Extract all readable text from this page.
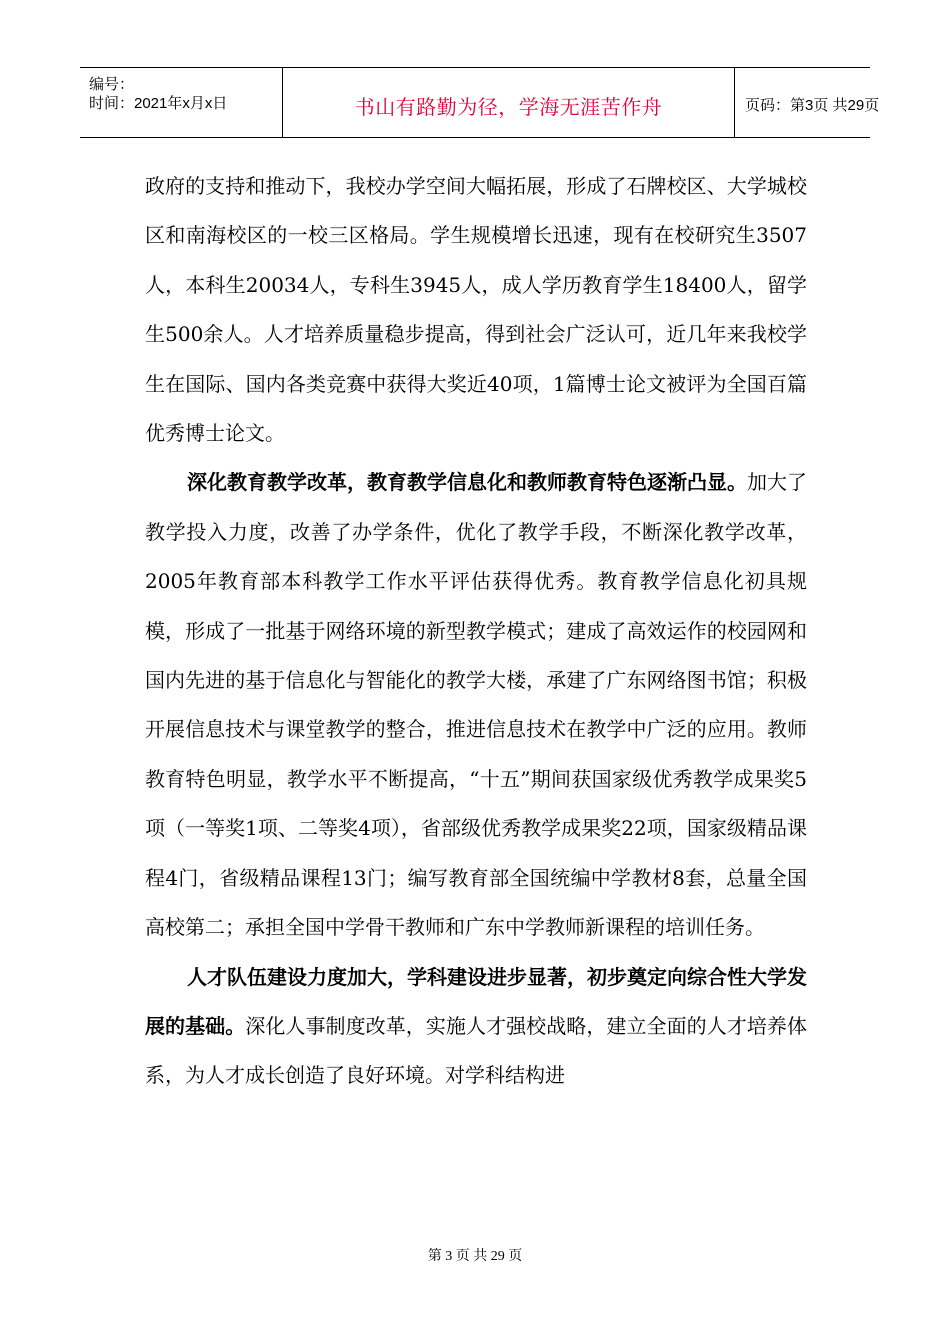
编号：
时间：2021年x月x日	书山有路勤为径，学海无涯苦作舟	页码：第3页 共29页

政府的支持和推动下，我校办学空间大幅拓展，形成了石牌校区、大学城校区和南海校区的一校三区格局。学生规模增长迅速，现有在校研究生3507人，本科生20034人，专科生3945人，成人学历教育学生18400人，留学生500余人。人才培养质量稳步提高，得到社会广泛认可，近几年来我校学生在国际、国内各类竞赛中获得大奖近40项，1篇博士论文被评为全国百篇优秀博士论文。

深化教育教学改革，教育教学信息化和教师教育特色逐渐凸显。加大了教学投入力度，改善了办学条件，优化了教学手段，不断深化教学改革，2005年教育部本科教学工作水平评估获得优秀。教育教学信息化初具规模，形成了一批基于网络环境的新型教学模式；建成了高效运作的校园网和国内先进的基于信息化与智能化的教学大楼，承建了广东网络图书馆；积极开展信息技术与课堂教学的整合，推进信息技术在教学中广泛的应用。教师教育特色明显，教学水平不断提高，“十五”期间获国家级优秀教学成果奖5项（一等奖1项、二等奖4项），省部级优秀教学成果奖22项，国家级精品课程4门，省级精品课程13门；编写教育部全国统编中学教材8套，总量全国高校第二；承担全国中学骨干教师和广东中学教师新课程的培训任务。

人才队伍建设力度加大，学科建设进步显著，初步奠定向综合性大学发展的基础。深化人事制度改革，实施人才强校战略，建立全面的人才培养体系，为人才成长创造了良好环境。对学科结构进

第 3 页 共 29 页
